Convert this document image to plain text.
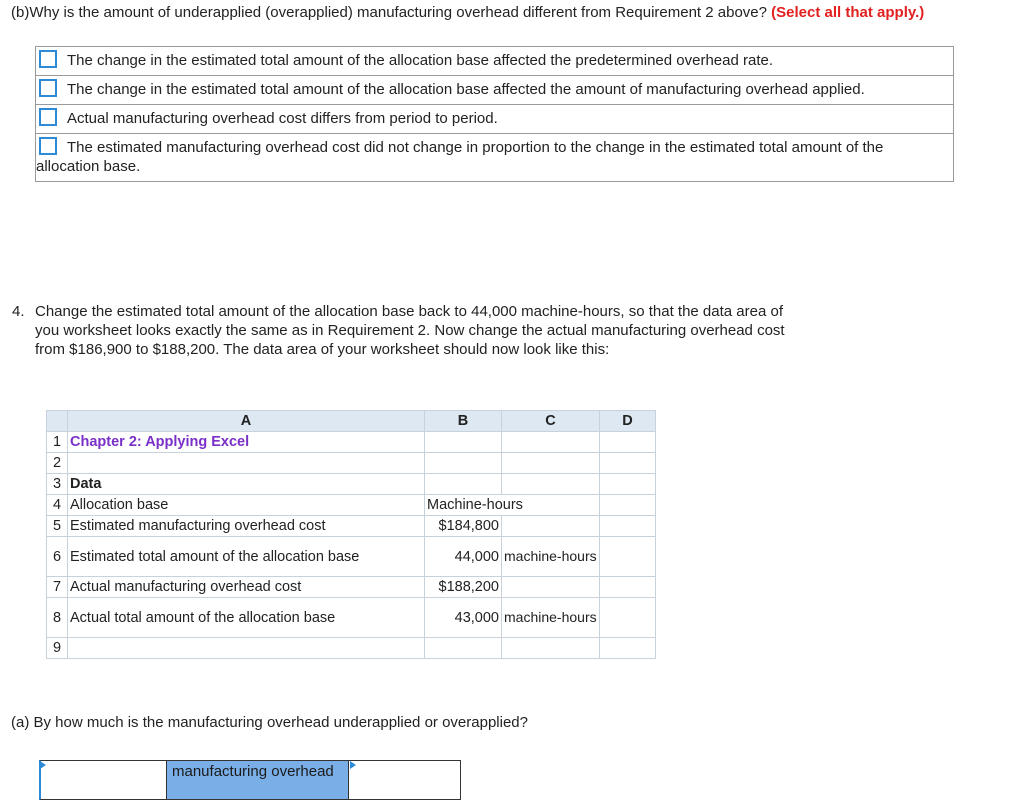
(b)Why is the amount of underapplied (overapplied) manufacturing overhead different from Requirement 2 above? (Select all that apply.)
The change in the estimated total amount of the allocation base affected the predetermined overhead rate.
The change in the estimated total amount of the allocation base affected the amount of manufacturing overhead applied.
Actual manufacturing overhead cost differs from period to period.
The estimated manufacturing overhead cost did not change in proportion to the change in the estimated total amount of the allocation base.
4. Change the estimated total amount of the allocation base back to 44,000 machine-hours, so that the data area of you worksheet looks exactly the same as in Requirement 2. Now change the actual manufacturing overhead cost from $186,900 to $188,200. The data area of your worksheet should now look like this:
	A	B	C	D
1	Chapter 2: Applying Excel			
2				
3	Data			
4	Allocation base	Machine-hours		
5	Estimated manufacturing overhead cost	$184,800		
6	Estimated total amount of the allocation base	44,000	machine-hours	
7	Actual manufacturing overhead cost	$188,200		
8	Actual total amount of the allocation base	43,000	machine-hours	
9				
(a) By how much is the manufacturing overhead underapplied or overapplied?
manufacturing overhead
